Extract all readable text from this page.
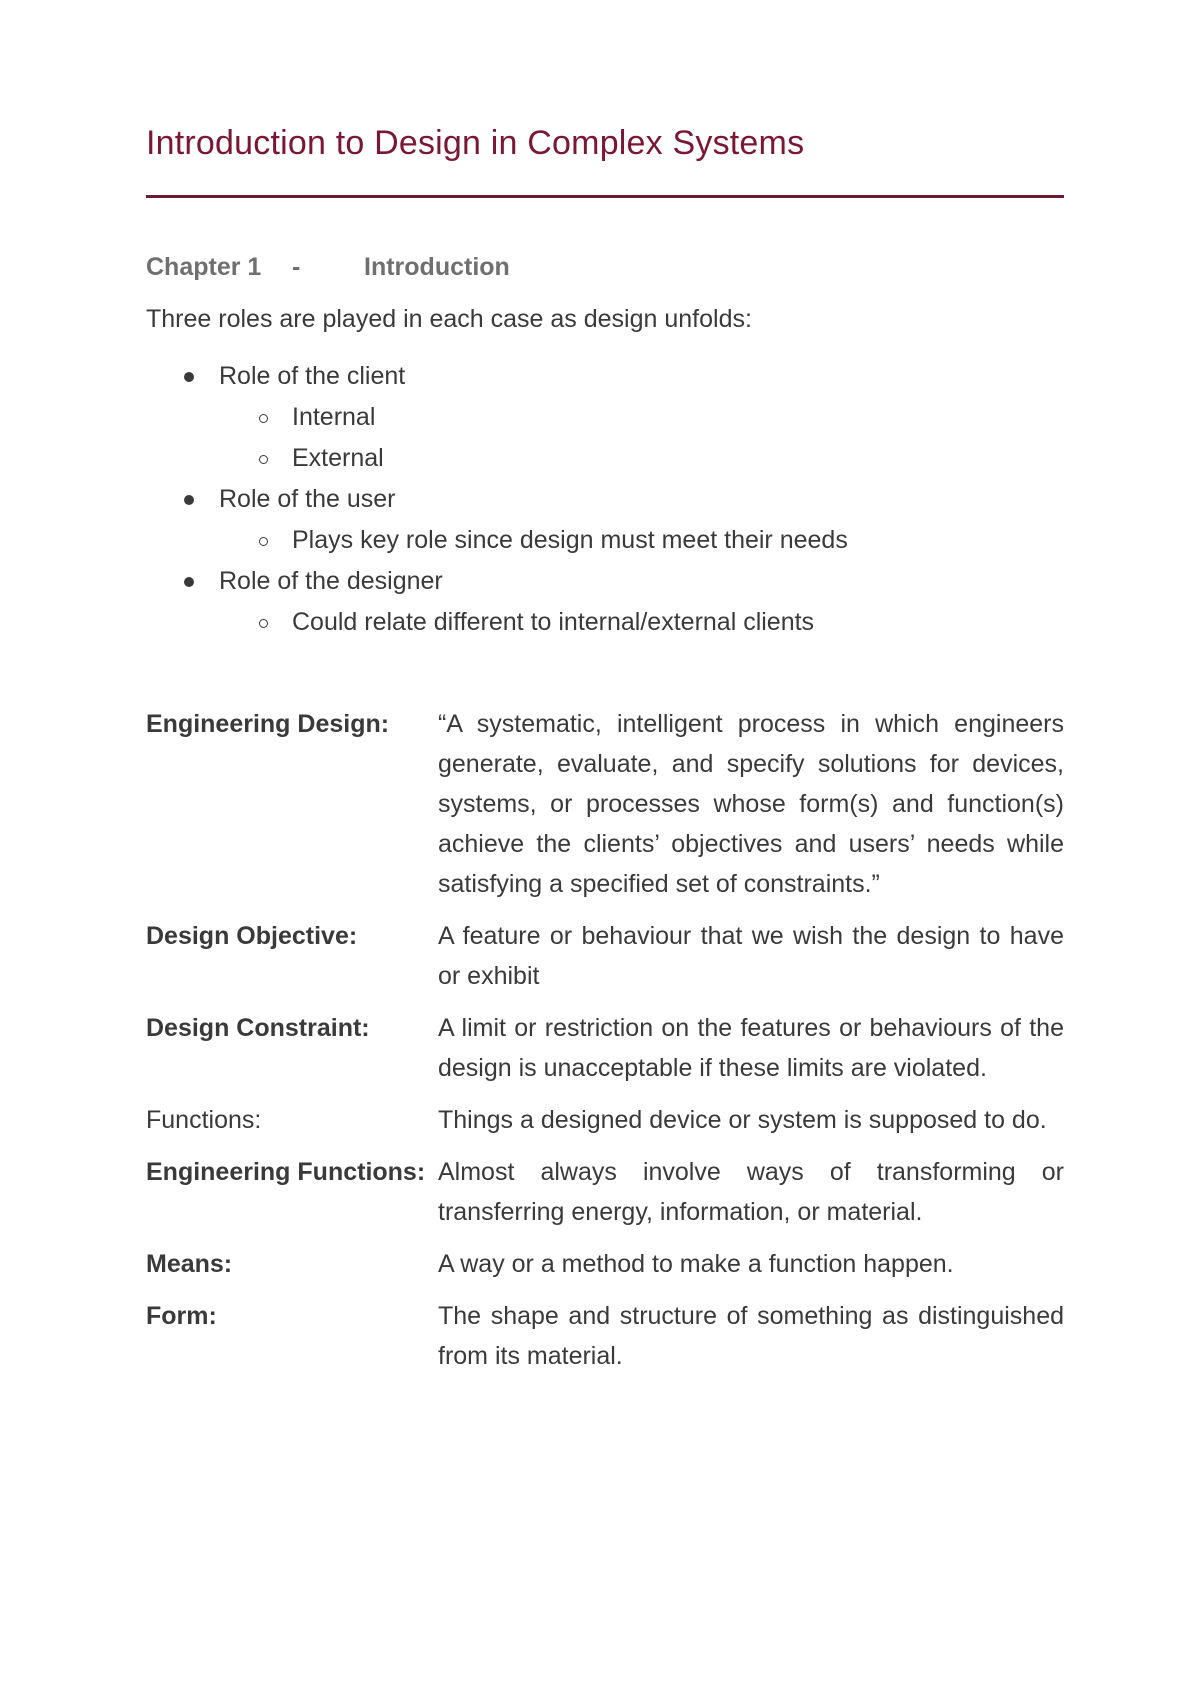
Introduction to Design in Complex Systems
Chapter 1 -	Introduction
Three roles are played in each case as design unfolds:
Role of the client
Internal
External
Role of the user
Plays key role since design must meet their needs
Role of the designer
Could relate different to internal/external clients
Engineering Design:	“A systematic, intelligent process in which engineers generate, evaluate, and specify solutions for devices, systems, or processes whose form(s) and function(s) achieve the clients’ objectives and users’ needs while satisfying a specified set of constraints.”
Design Objective:	A feature or behaviour that we wish the design to have or exhibit
Design Constraint:	A limit or restriction on the features or behaviours of the design is unacceptable if these limits are violated.
Functions:	Things a designed device or system is supposed to do.
Engineering Functions: Almost always involve ways of transforming or transferring energy, information, or material.
Means:	A way or a method to make a function happen.
Form:	The shape and structure of something as distinguished from its material.
